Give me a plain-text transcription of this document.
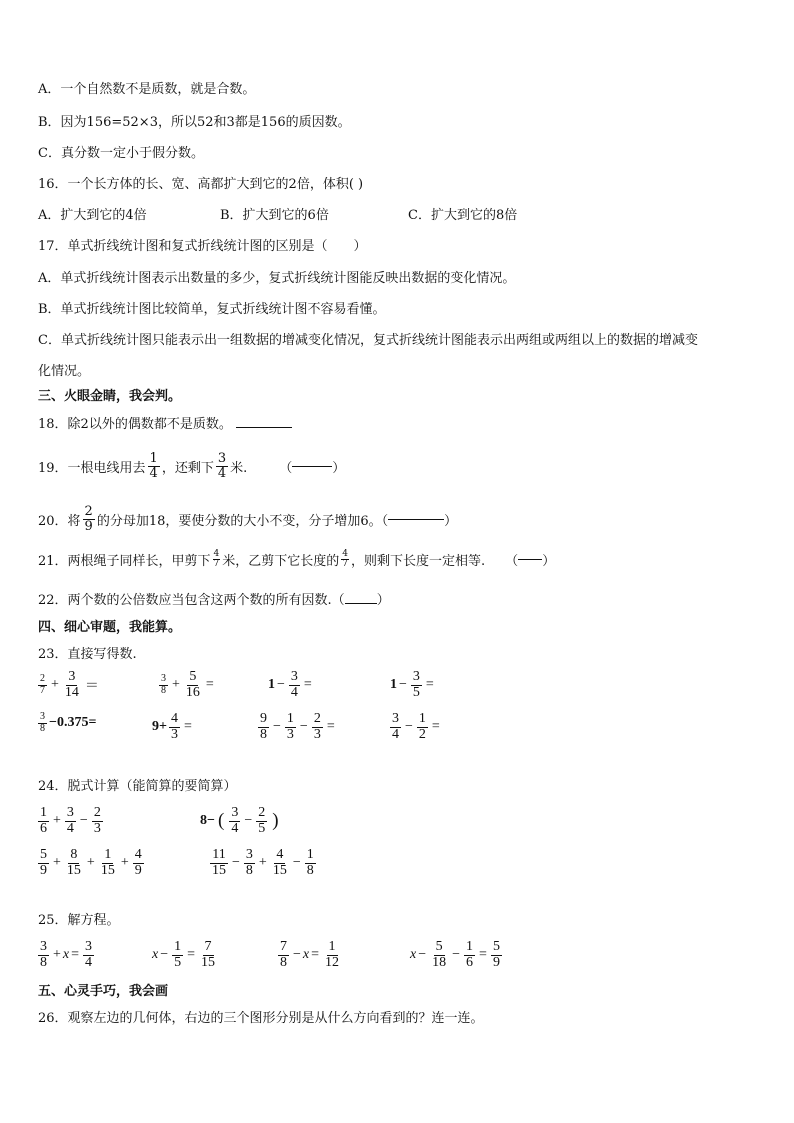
A．一个自然数不是质数，就是合数。
B．因为156=52×3，所以52和3都是156的质因数。
C．真分数一定小于假分数。
16．一个长方体的长、宽、高都扩大到它的2倍，体积( )
A．扩大到它的4倍	B．扩大到它的6倍	C．扩大到它的8倍
17．单式折线统计图和复式折线统计图的区别是（　　）
A．单式折线统计图表示出数量的多少，复式折线统计图能反映出数据的变化情况。
B．单式折线统计图比较简单，复式折线统计图不容易看懂。
C．单式折线统计图只能表示出一组数据的增减变化情况，复式折线统计图能表示出两组或两组以上的数据的增减变
化情况。
三、火眼金睛，我会判。
18．除2以外的偶数都不是质数。
19．一根电线用去 $\frac{1}{4}$ ，还剩下 $\frac{3}{4}$ 米. （	）
20．将 $\frac{2}{9}$ 的分母加18，要使分数的大小不变，分子增加6。（	）
21．两根绳子同样长，甲剪下 $\frac{4}{7}$ 米，乙剪下它长度的 $\frac{4}{7}$ ，则剩下长度一定相等. （ ）
22．两个数的公倍数应当包含这两个数的所有因数.（ ）
四、细心审题，我能算。
23．直接写得数.
$\frac{2}{7} + \frac{3}{14}$ ＝	$\frac{3}{8} + \frac{5}{16}$ =	$1 - \frac{3}{4}$ =	$1 - \frac{3}{5}$ =
$\frac{3}{8} -0.375=$	$9+ \frac{4}{3}$ =	$\frac{9}{8} - \frac{1}{3} - \frac{2}{3}$ =	$\frac{3}{4} - \frac{1}{2}$ =
24．脱式计算（能简算的要简算）
$\frac{1}{6} + \frac{3}{4} - \frac{2}{3}$	8− ( $\frac{3}{4} - \frac{2}{5}$ )
$\frac{5}{9} + \frac{8}{15} + \frac{1}{15} + \frac{4}{9}$	$\frac{11}{15} - \frac{3}{8} + \frac{4}{15} - \frac{1}{8}$
25．解方程。
$\frac{3}{8} + x = \frac{3}{4}$	$x - \frac{1}{5} = \frac{7}{15}$	$\frac{7}{8} - x = \frac{1}{12}$	$x - \frac{5}{18} - \frac{1}{6} = \frac{5}{9}$
五、心灵手巧，我会画
26．观察左边的几何体，右边的三个图形分别是从什么方向看到的？连一连。
